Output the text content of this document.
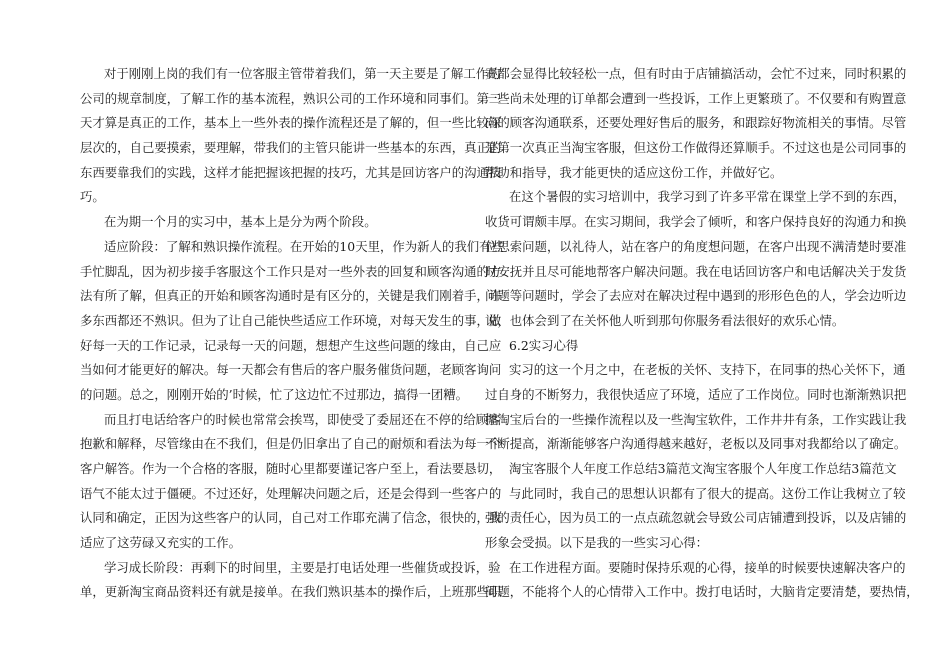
对于刚刚上岗的我们有一位客服主管带着我们，第一天主要是了解工作的
公司的规章制度，了解工作的基本流程，熟识公司的工作环境和同事们。第二
天才算是真正的工作，基本上一些外表的操作流程还是了解的，但一些比较深
层次的，自己要摸索，要理解，带我们的主管只能讲一些基本的东西，真正的
东西要靠我们的实践，这样才能把握该把握的技巧，尤其是回访客户的沟通技
巧。
在为期一个月的实习中，基本上是分为两个阶段。
适应阶段：了解和熟识操作流程。在开始的10天里，作为新人的我们有些
手忙脚乱，因为初步接手客服这个工作只是对一些外表的回复和顾客沟通的方
法有所了解，但真正的开始和顾客沟通时是有区分的，关键是我们刚着手，许
多东西都还不熟识。但为了让自己能快些适应工作环境，对每天发生的事，做
好每一天的工作记录，记录每一天的问题，想想产生这些问题的缘由，自己应
当如何才能更好的解决。每一天都会有售后的客户服务催货问题，老顾客询问
的问题。总之，刚刚开始的’时候，忙了这边忙不过那边，搞得一团糟。
而且打电话给客户的时候也常常会挨骂，即使受了委屈还在不停的给顾客
抱歉和解释，尽管缘由在不我们，但是仍旧拿出了自己的耐烦和看法为每一个
客户解答。作为一个合格的客服，随时心里都要谨记客户至上，看法要恳切，
语气不能太过于僵硬。不过还好，处理解决问题之后，还是会得到一些客户的
认同和确定，正因为这些客户的认同，自己对工作耶充满了信念，很快的，我
适应了这劳碌又充实的工作。
学习成长阶段：再剩下的时间里，主要是打电话处理一些催货或投诉，验
单，更新淘宝商品资料还有就是接单。在我们熟识基本的操作后，上班那些职
责都会显得比较轻松一点，但有时由于店铺搞活动，会忙不过来，同时积累的
一些尚未处理的订单都会遭到一些投诉，工作上更繁琐了。不仅要和有购置意
向的顾客沟通联系，还要处理好售后的服务，和跟踪好物流相关的事情。尽管
是第一次真正当淘宝客服，但这份工作做得还算顺手。不过这也是公司同事的
帮助和指导，我才能更快的适应这份工作，并做好它。
在这个暑假的实习培训中，我学习到了许多平常在课堂上学不到的东西，
收货可谓颇丰厚。在实习期间，我学会了倾听，和客户保持良好的沟通力和换
位思索问题，以礼待人，站在客户的角度想问题，在客户出现不满清楚时要准
时安抚并且尽可能地帮客户解决问题。我在电话回访客户和电话解决关于发货
问题等问题时，学会了去应对在解决过程中遇到的形形色色的人，学会边听边
说，也体会到了在关怀他人听到那句你服务看法很好的欢乐心情。
6.2实习心得
实习的这一个月之中，在老板的关怀、支持下，在同事的热心关怀下，通
过自身的不断努力，我很快适应了环境，适应了工作岗位。同时也渐渐熟识把
握淘宝后台的一些操作流程以及一些淘宝软件，工作井井有条，工作实践让我
不断提高，渐渐能够客户沟通得越来越好，老板以及同事对我都给以了确定。
淘宝客服个人年度工作总结3篇范文淘宝客服个人年度工作总结3篇范文
与此同时，我自己的思想认识都有了很大的提高。这份工作让我树立了较
强的责任心，因为员工的一点点疏忽就会导致公司店铺遭到投诉，以及店铺的
形象会受损。以下是我的一些实习心得：
在工作进程方面。要随时保持乐观的心得，接单的时候要快速解决客户的
问题，不能将个人的心情带入工作中。拨打电话时，大脑肯定要清楚，要热情，
